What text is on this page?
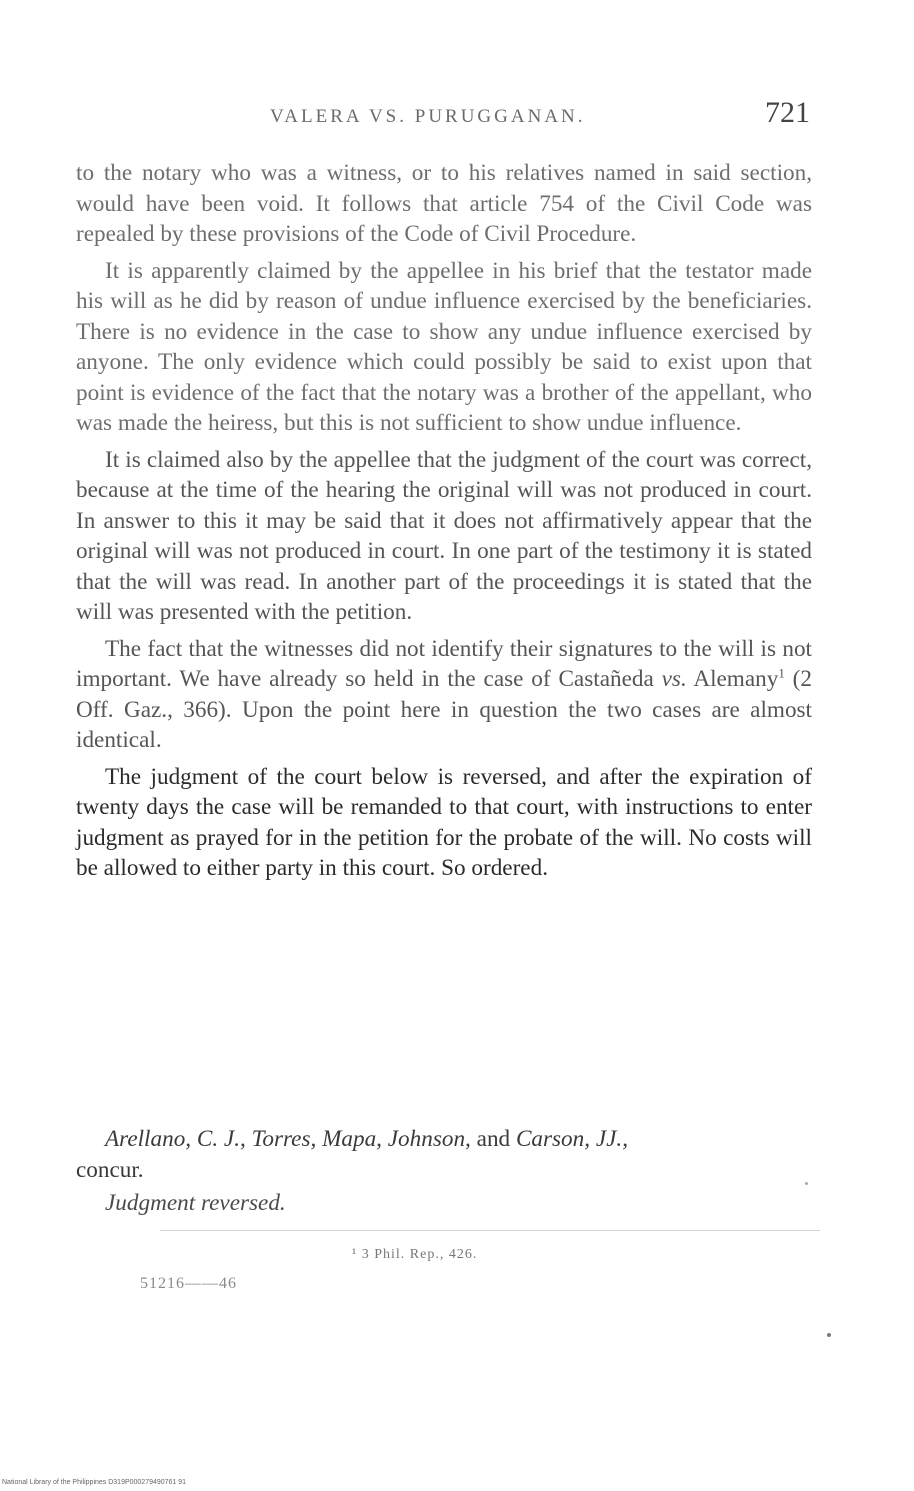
VALERA VS. PURUGGANAN.	721

to the notary who was a witness, or to his relatives named in said section, would have been void. It follows that article 754 of the Civil Code was repealed by these provisions of the Code of Civil Procedure.

It is apparently claimed by the appellee in his brief that the testator made his will as he did by reason of undue influence exercised by the beneficiaries. There is no evidence in the case to show any undue influence exercised by anyone. The only evidence which could possibly be said to exist upon that point is evidence of the fact that the notary was a brother of the appellant, who was made the heiress, but this is not sufficient to show undue influence.

It is claimed also by the appellee that the judgment of the court was correct, because at the time of the hearing the original will was not produced in court. In answer to this it may be said that it does not affirmatively appear that the original will was not produced in court. In one part of the testimony it is stated that the will was read. In another part of the proceedings it is stated that the will was presented with the petition.

The fact that the witnesses did not identify their signatures to the will is not important. We have already so held in the case of Castañeda vs. Alemany$^1$ (2 Off. Gaz., 366). Upon the point here in question the two cases are almost identical.

The judgment of the court below is reversed, and after the expiration of twenty days the case will be remanded to that court, with instructions to enter judgment as prayed for in the petition for the probate of the will. No costs will be allowed to either party in this court. So ordered.

Arellano, C. J., Torres, Mapa, Johnson, and Carson, JJ.,
concur.
Judgment reversed.
¹ 3 Phil. Rep., 426.
51216——46
National Library of the Philippines D319P000279490761 91
